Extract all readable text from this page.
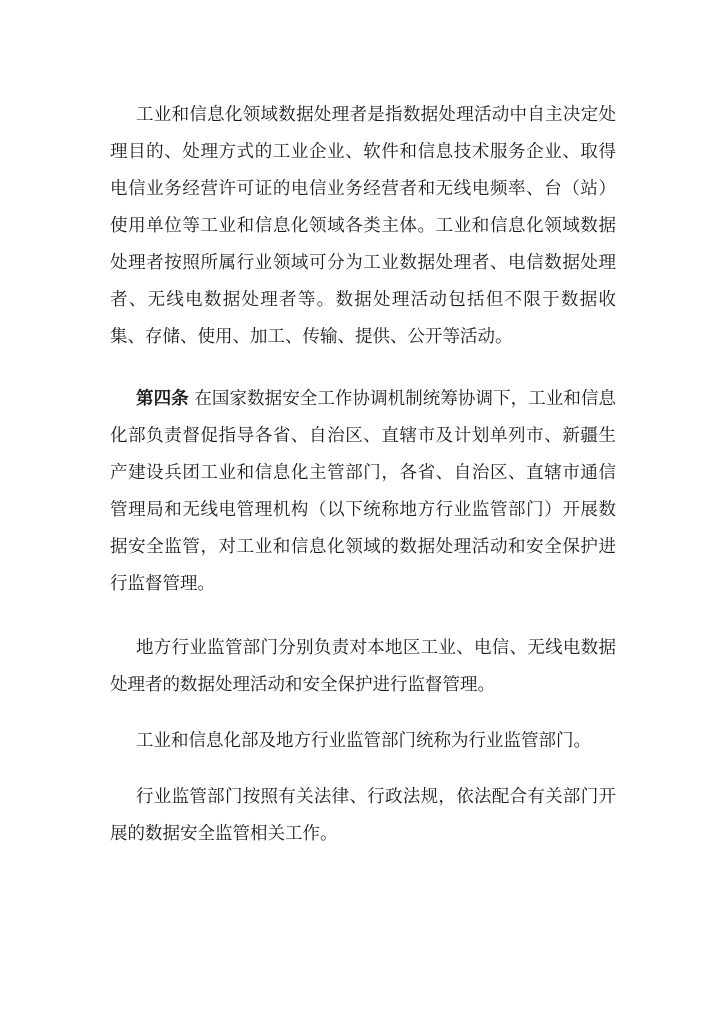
工业和信息化领域数据处理者是指数据处理活动中自主决定处理目的、处理方式的工业企业、软件和信息技术服务企业、取得电信业务经营许可证的电信业务经营者和无线电频率、台（站）使用单位等工业和信息化领域各类主体。工业和信息化领域数据处理者按照所属行业领域可分为工业数据处理者、电信数据处理者、无线电数据处理者等。数据处理活动包括但不限于数据收集、存储、使用、加工、传输、提供、公开等活动。

第四条 在国家数据安全工作协调机制统筹协调下，工业和信息化部负责督促指导各省、自治区、直辖市及计划单列市、新疆生产建设兵团工业和信息化主管部门，各省、自治区、直辖市通信管理局和无线电管理机构（以下统称地方行业监管部门）开展数据安全监管，对工业和信息化领域的数据处理活动和安全保护进行监督管理。

地方行业监管部门分别负责对本地区工业、电信、无线电数据处理者的数据处理活动和安全保护进行监督管理。

工业和信息化部及地方行业监管部门统称为行业监管部门。

行业监管部门按照有关法律、行政法规，依法配合有关部门开展的数据安全监管相关工作。
